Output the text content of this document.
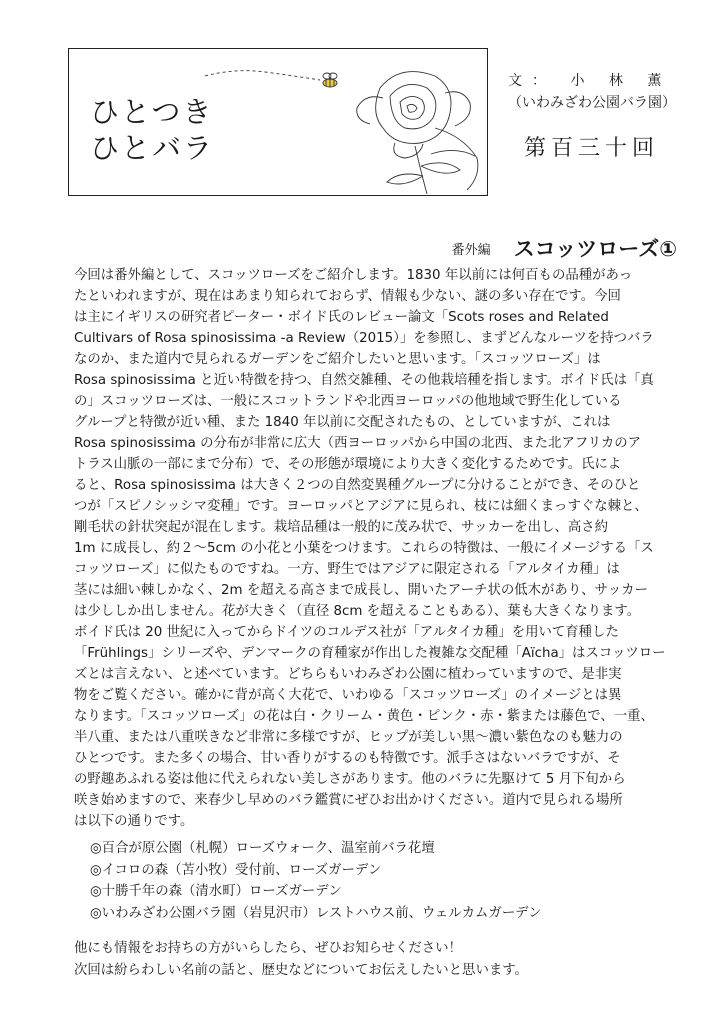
ひとつき
ひとバラ
文： 小 林 薫
（いわみざわ公園バラ園）
第百三十回
番外編 スコッツローズ①

今回は番外編として、スコッツローズをご紹介します。1830 年以前には何百もの品種があっ

たといわれますが、現在はあまり知られておらず、情報も少ない、謎の多い存在です。今回

は主にイギリスの研究者ピーター・ボイド氏のレビュー論文「Scots roses and Related

Cultivars of Rosa spinosissima -a Review（2015）」を参照し、まずどんなルーツを持つバラ

なのか、また道内で見られるガーデンをご紹介したいと思います。「スコッツローズ」は

Rosa spinosissima と近い特徴を持つ、自然交雑種、その他栽培種を指します。ボイド氏は「真

の」スコッツローズは、一般にスコットランドや北西ヨーロッパの他地域で野生化している

グループと特徴が近い種、また 1840 年以前に交配されたもの、としていますが、これは

Rosa spinosissima の分布が非常に広大（西ヨーロッパから中国の北西、また北アフリカのア

トラス山脈の一部にまで分布）で、その形態が環境により大きく変化するためです。氏によ

ると、Rosa spinosissima は大きく２つの自然変異種グループに分けることができ、そのひと

つが「スピノシッシマ変種」です。ヨーロッパとアジアに見られ、枝には細くまっすぐな棘と、

剛毛状の針状突起が混在します。栽培品種は一般的に茂み状で、サッカーを出し、高さ約

1m に成長し、約２～5cm の小花と小葉をつけます。これらの特徴は、一般にイメージする「ス

コッツローズ」に似たものですね。一方、野生ではアジアに限定される「アルタイカ種」は

茎には細い棘しかなく、2m を超える高さまで成長し、開いたアーチ状の低木があり、サッカー

は少ししか出しません。花が大きく（直径 8cm を超えることもある）、葉も大きくなります。

ボイド氏は 20 世紀に入ってからドイツのコルデス社が「アルタイカ種」を用いて育種した

「Frühlings」シリーズや、デンマークの育種家が作出した複雑な交配種「Aïcha」はスコッツロー

ズとは言えない、と述べています。どちらもいわみざわ公園に植わっていますので、是非実

物をご覧ください。確かに背が高く大花で、いわゆる「スコッツローズ」のイメージとは異

なります。「スコッツローズ」の花は白・クリーム・黄色・ピンク・赤・紫または藤色で、一重、

半八重、または八重咲きなど非常に多様ですが、ヒップが美しい黒～濃い紫色なのも魅力の

ひとつです。また多くの場合、甘い香りがするのも特徴です。派手さはないバラですが、そ

の野趣あふれる姿は他に代えられない美しさがあります。他のバラに先駆けて 5 月下旬から

咲き始めますので、来春少し早めのバラ鑑賞にぜひお出かけください。道内で見られる場所

は以下の通りです。

◎百合が原公園（札幌）ローズウォーク、温室前バラ花壇
◎イコロの森（苫小牧）受付前、ローズガーデン
◎十勝千年の森（清水町）ローズガーデン
◎いわみざわ公園バラ園（岩見沢市）レストハウス前、ウェルカムガーデン
他にも情報をお持ちの方がいらしたら、ぜひお知らせください！
次回は紛らわしい名前の話と、歴史などについてお伝えしたいと思います。
